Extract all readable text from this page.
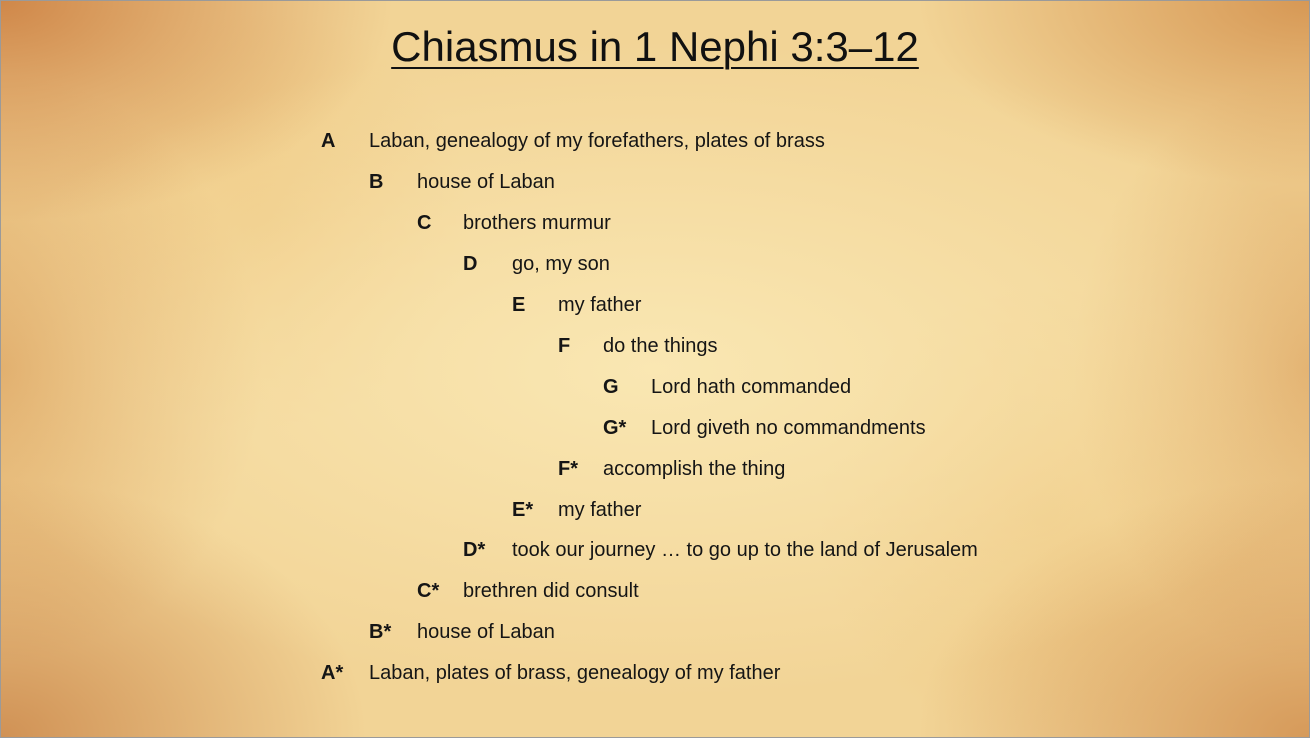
Chiasmus in 1 Nephi 3:3–12
A Laban, genealogy of my forefathers, plates of brass
B house of Laban
C brothers murmur
D go, my son
E my father
F do the things
G Lord hath commanded
G* Lord giveth no commandments
F* accomplish the thing
E* my father
D* took our journey … to go up to the land of Jerusalem
C* brethren did consult
B* house of Laban
A* Laban, plates of brass, genealogy of my father
